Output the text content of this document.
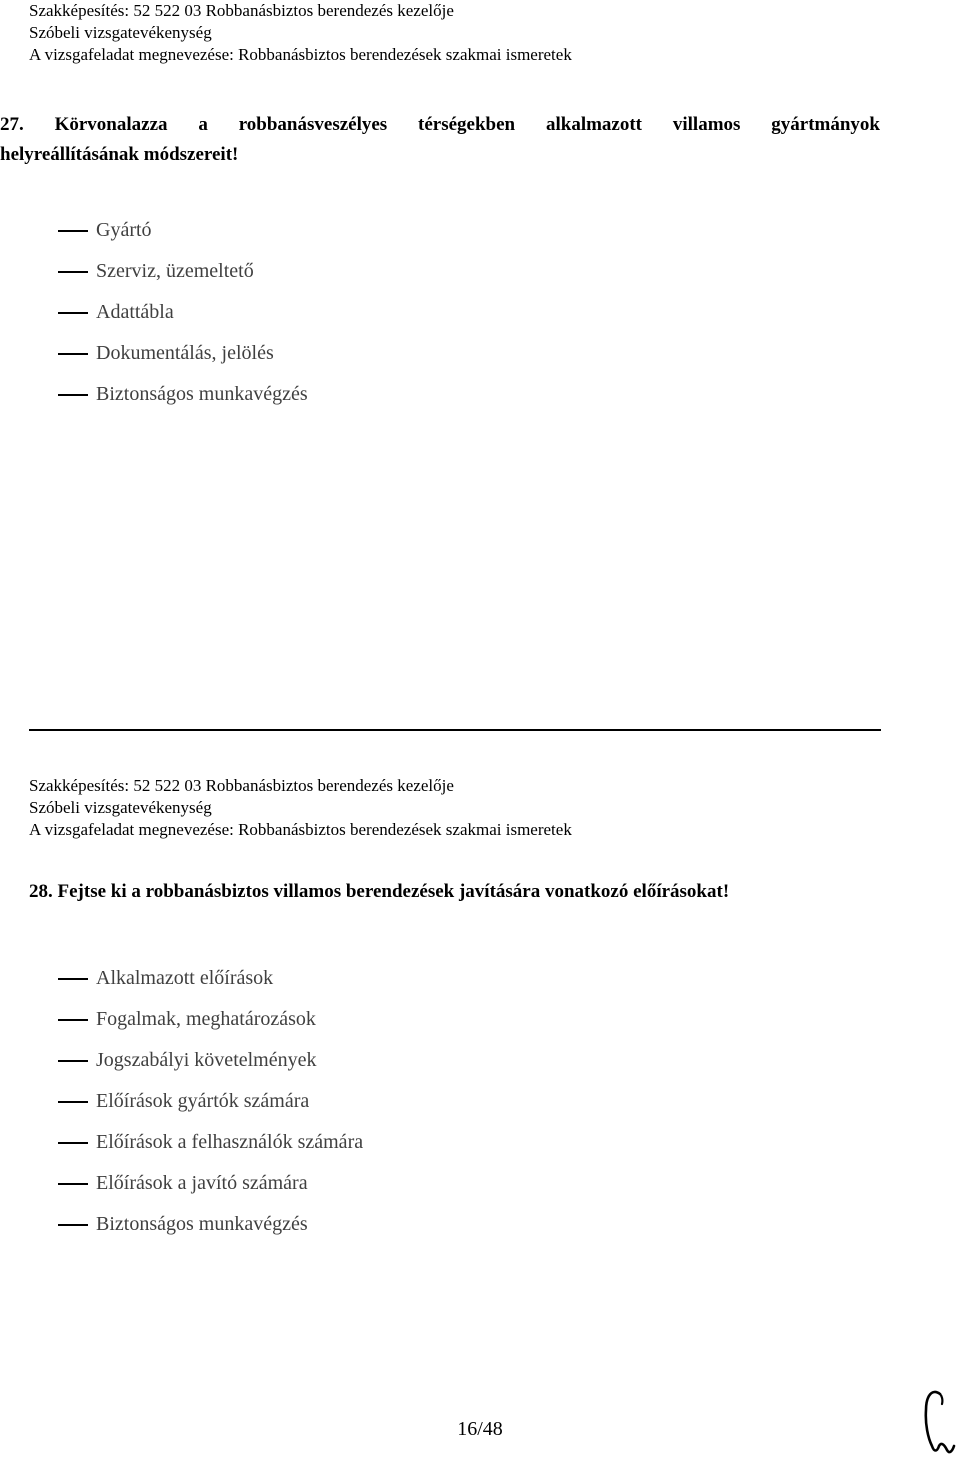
Szakképesítés: 52 522 03 Robbanásbiztos berendezés kezelője
Szóbeli vizsgatevékenység
A vizsgafeladat megnevezése: Robbanásbiztos berendezések szakmai ismeretek
27. Körvonalazza a robbanásveszélyes térségekben alkalmazott villamos gyártmányok
helyreállításának módszereit!
Gyártó
Szerviz, üzemeltető
Adattábla
Dokumentálás, jelölés
Biztonságos munkavégzés
Szakképesítés: 52 522 03 Robbanásbiztos berendezés kezelője
Szóbeli vizsgatevékenység
A vizsgafeladat megnevezése: Robbanásbiztos berendezések szakmai ismeretek
28. Fejtse ki a robbanásbiztos villamos berendezések javítására vonatkozó előírásokat!
Alkalmazott előírások
Fogalmak, meghatározások
Jogszabályi követelmények
Előírások gyártók számára
Előírások a felhasználók számára
Előírások a javító számára
Biztonságos munkavégzés
16/48
